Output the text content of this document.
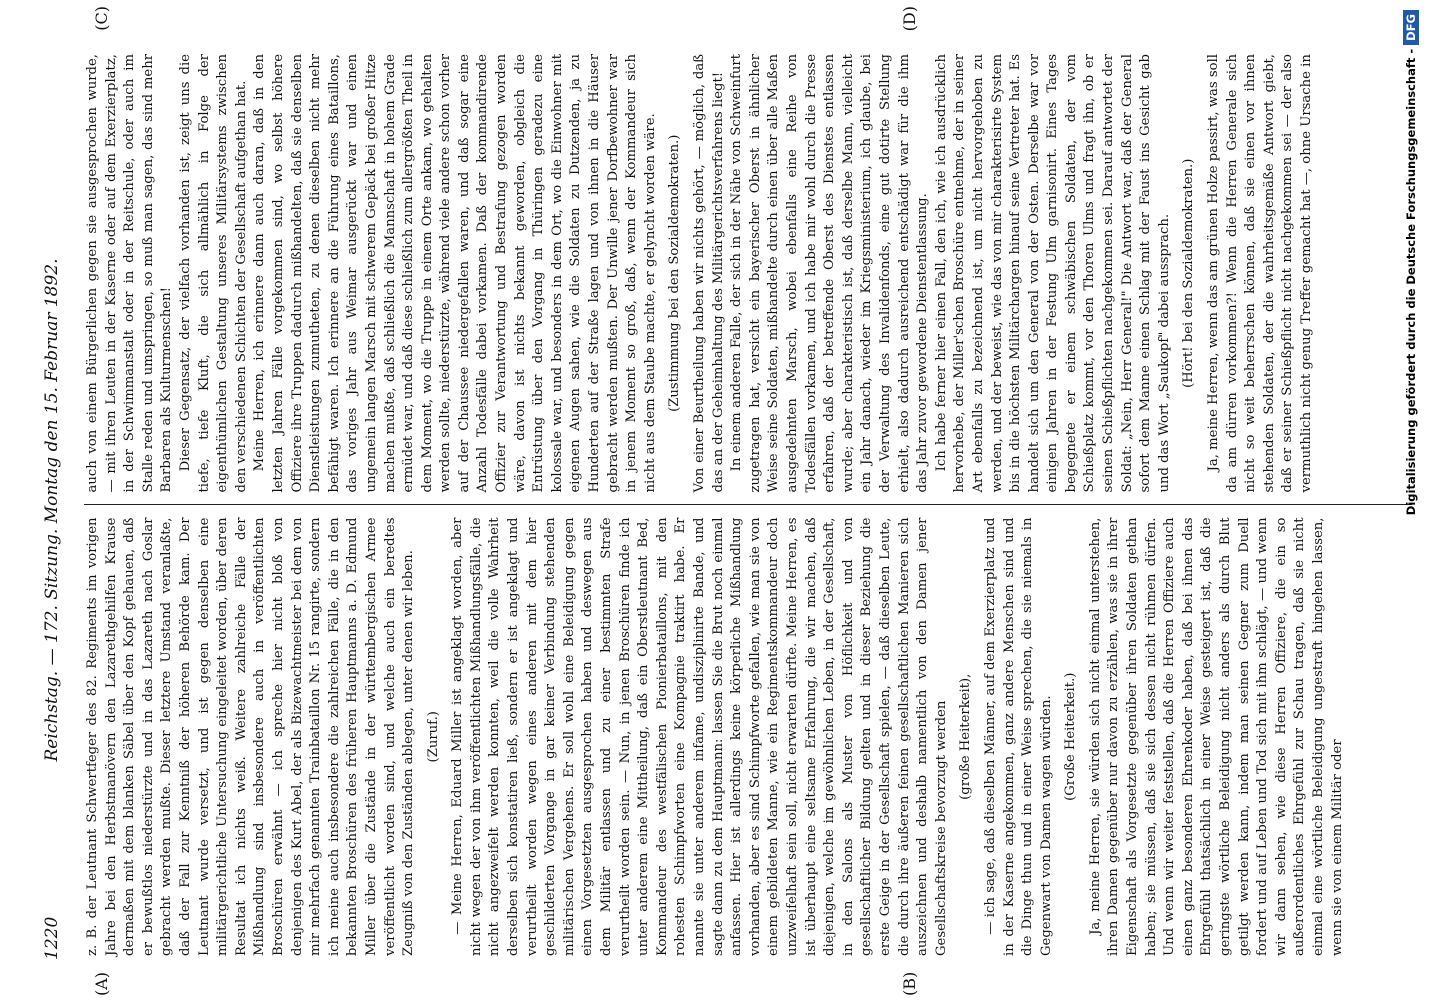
1220
Reichstag. — 172. Sitzung. Montag den 15. Februar 1892.
(A)	(B)
(C)	(D)

z. B. der Leutnant Schwertfeger des 82. Regiments im vorigen Jahre bei den Herbstmanövern den Lazarethgehilfen Krause dermaßen mit dem blanken Säbel über den Kopf gehauen, daß er bewußtlos niederstürzte und in das Lazareth nach Goslar gebracht werden mußte. Dieser letztere Umstand veranlaßte, daß der Fall zur Kenntniß der höheren Behörde kam. Der Leutnant wurde versetzt, und ist gegen denselben eine militärgerichtliche Untersuchung eingeleitet worden, über deren Resultat ich nichts weiß. Weitere zahlreiche Fälle der Mißhandlung sind insbesondere auch in veröffentlichten Broschüren erwähnt — ich spreche hier nicht bloß von denjenigen des Kurt Abel, der als Bizewachtmeister bei dem von mir mehrfach genannten Trainbataillon Nr. 15 rangirte, sondern ich meine auch insbesondere die zahlreichen Fälle, die in den bekannten Broschüren des früheren Hauptmanns a. D. Edmund Miller über die Zustände in der württembergischen Armee veröffentlicht worden sind, und welche auch ein beredtes Zeugniß von den Zuständen ablegen, unter denen wir leben. (Zuruf.) — Meine Herren, Eduard Miller ist angeklagt worden, aber nicht wegen der von ihm veröffentlichten Mißhandlungsfälle, die nicht angezweifelt werden konnten, weil die volle Wahrheit derselben sich konstatiren ließ, sondern er ist angeklagt und verurtheilt worden wegen eines anderen mit dem hier geschilderten Vorgange in gar keiner Verbindung stehenden militärischen Vergehens. Er soll wohl eine Beleidigung gegen einen Vorgesetzten ausgesprochen haben und deswegen aus dem Militär entlassen und zu einer bestimmten Strafe verurtheilt worden sein. — Nun, in jenen Broschüren finde ich unter anderem eine Mittheilung, daß ein Oberstleutnant Bed, Kommandeur des westfälischen Pionierbataillons, mit den rohesten Schimpfworten eine Kompagnie traktirt habe. Er nannte sie unter anderem infame, undisziplinirte Bande, und sagte dann zu dem Hauptmann: lassen Sie die Brut noch einmal anfassen. Hier ist allerdings keine körperliche Mißhandlung vorhanden, aber es sind Schimpfworte gefallen, wie man sie von einem gebildeten Manne, wie ein Regimentskommandeur doch unzweifelhaft sein soll, nicht erwarten dürfte. Meine Herren, es ist überhaupt eine seltsame Erfahrung, die wir machen, daß diejenigen, welche im gewöhnlichen Leben, in der Gesellschaft, in den Salons als Muster von Höflichkeit und von gesellschaftlicher Bildung gelten und in dieser Beziehung die erste Geige in der Gesellschaft spielen, — daß dieselben Leute, die durch ihre äußeren feinen gesellschaftlichen Manieren sich auszeichnen und deshalb namentlich von den Damen jener Gesellschaftskreise bevorzugt werden (große Heiterkeit), — ich sage, daß dieselben Männer, auf dem Exerzierplatz und in der Kaserne angekommen, ganz andere Menschen sind und die Dinge thun und in einer Weise sprechen, die sie niemals in Gegenwart von Damen wagen würden. (Große Heiterkeit.) Ja, meine Herren, sie würden sich nicht einmal unterstehen, ihren Damen gegenüber nur davon zu erzählen, was sie in ihrer Eigenschaft als Vorgesetzte gegenüber ihren Soldaten gethan haben; sie müssen, daß sie sich dessen nicht rühmen dürfen. Und wenn wir weiter feststellen, daß die Herren Offiziere auch einen ganz besonderen Ehrenkoder haben, daß bei ihnen das Ehrgefühl thatsächlich in einer Weise gesteigert ist, daß die geringste wörtliche Beleidigung nicht anders als durch Blut getilgt werden kann, indem man seinen Gegner zum Duell fordert und auf Leben und Tod sich mit ihm schlägt, — und wenn wir dann sehen, wie diese Herren Offiziere, die ein so außerordentliches Ehrgefühl zur Schau tragen, daß sie nicht einmal eine wörtliche Beleidigung ungestraft hingehen lassen, wenn sie von einem Militär oder

auch von einem Bürgerlichen gegen sie ausgesprochen wurde, — mit ihren Leuten in der Kaserne oder auf dem Exerzierplatz, in der Schwimmanstalt oder in der Reitschule, oder auch im Stalle reden und umspringen, so muß man sagen, das sind mehr Barbaren als Kulturmenschen! Dieser Gegensatz, der vielfach vorhanden ist, zeigt uns die tiefe, tiefe Kluft, die sich allmählich in Folge der eigenthümlichen Gestaltung unseres Militärsystems zwischen den verschiedenen Schichten der Gesellschaft aufgethan hat. Meine Herren, ich erinnere dann auch daran, daß in den letzten Jahren Fälle vorgekommen sind, wo selbst höhere Offiziere ihre Truppen dadurch mißhandelten, daß sie denselben Dienstleistungen zumutheten, zu denen dieselben nicht mehr befähigt waren. Ich erinnere an die Führung eines Bataillons, das voriges Jahr aus Weimar ausgerückt war und einen ungemein langen Marsch mit schwerem Gepäck bei großer Hitze machen mußte, daß schließlich die Mannschaft in hohem Grade ermüdet war, und daß diese schließlich zum allergrößten Theil in dem Moment, wo die Truppe in einem Orte ankam, wo gehalten werden sollte, niederstürzte, während viele andere schon vorher auf der Chaussee niedergefallen waren, und daß sogar eine Anzahl Todesfälle dabei vorkamen. Daß der kommandirende Offizier zur Verantwortung und Bestrafung gezogen worden wäre, davon ist nichts bekannt geworden, obgleich die Entrüstung über den Vorgang in Thüringen geradezu eine kolossale war, und besonders in dem Ort, wo die Einwohner mit eigenen Augen sahen, wie die Soldaten zu Dutzenden, ja zu Hunderten auf der Straße lagen und von ihnen in die Häuser gebracht werden mußten. Der Unwille jener Dorfbewohner war in jenem Moment so groß, daß, wenn der Kommandeur sich nicht aus dem Staube machte, er gelyncht worden wäre. (Zustimmung bei den Sozialdemokraten.) Von einer Beurtheilung haben wir nichts gehört, — möglich, daß das an der Geheimhaltung des Militärgerichtsverfahrens liegt! In einem anderen Falle, der sich in der Nähe von Schweinfurt zugetragen hat, versicht ein bayerischer Oberst in ähnlicher Weise seine Soldaten, mißhandelte durch einen über alle Maßen ausgedehnten Marsch, wobei ebenfalls eine Reihe von Todesfällen vorkamen, und ich habe mir wohl durch die Presse erfahren, daß der betreffende Oberst des Dienstes entlassen wurde; aber charakteristisch ist, daß derselbe Mann, vielleicht ein Jahr danach, wieder im Kriegsministerium, ich glaube, bei der Verwaltung des Invalidenfonds, eine gut dotirte Stellung erhielt, also dadurch ausreichend entschädigt war für die ihm das Jahr zuvor gewordene Dienstentlassung. Ich habe ferner hier einen Fall, den ich, wie ich ausdrücklich hervorhebe, der Miller'schen Broschüre entnehme, der in seiner Art ebenfalls zu bezeichnend ist, um nicht hervorgehoben zu werden, und der beweist, wie das von mir charakterisirte System bis in die höchsten Militärchargen hinauf seine Vertreter hat. Es handelt sich um den General von der Osten. Derselbe war vor einigen Jahren in der Festung Ulm garnisonirt. Eines Tages begegnete er einem schwäbischen Soldaten, der vom Schießplatz kommt, vor den Thoren Ulms und fragt ihn, ob er seinen Schießpflichten nachgekommen sei. Darauf antwortet der Soldat: „Nein, Herr General!" Die Antwort war, daß der General sofort dem Manne einen Schlag mit der Faust ins Gesicht gab und das Wort „Saukopf" dabei aussprach. (Hört! bei den Sozialdemokraten.) Ja, meine Herren, wenn das am grünen Holze passirt, was soll da am dürren vorkommen?! Wenn die Herren Generale sich nicht so weit beherrschen können, daß sie einen vor ihnen stehenden Soldaten, der die wahrheitsgemäße Antwort giebt, daß er seiner Schießpflicht nicht nachgekommen sei — der also vermuthlich nicht genug Treffer gemacht hat —, ohne Ursache in	Digitalisierung gefördert durch die Deutsche Forschungsgemeinschaft -DFG
